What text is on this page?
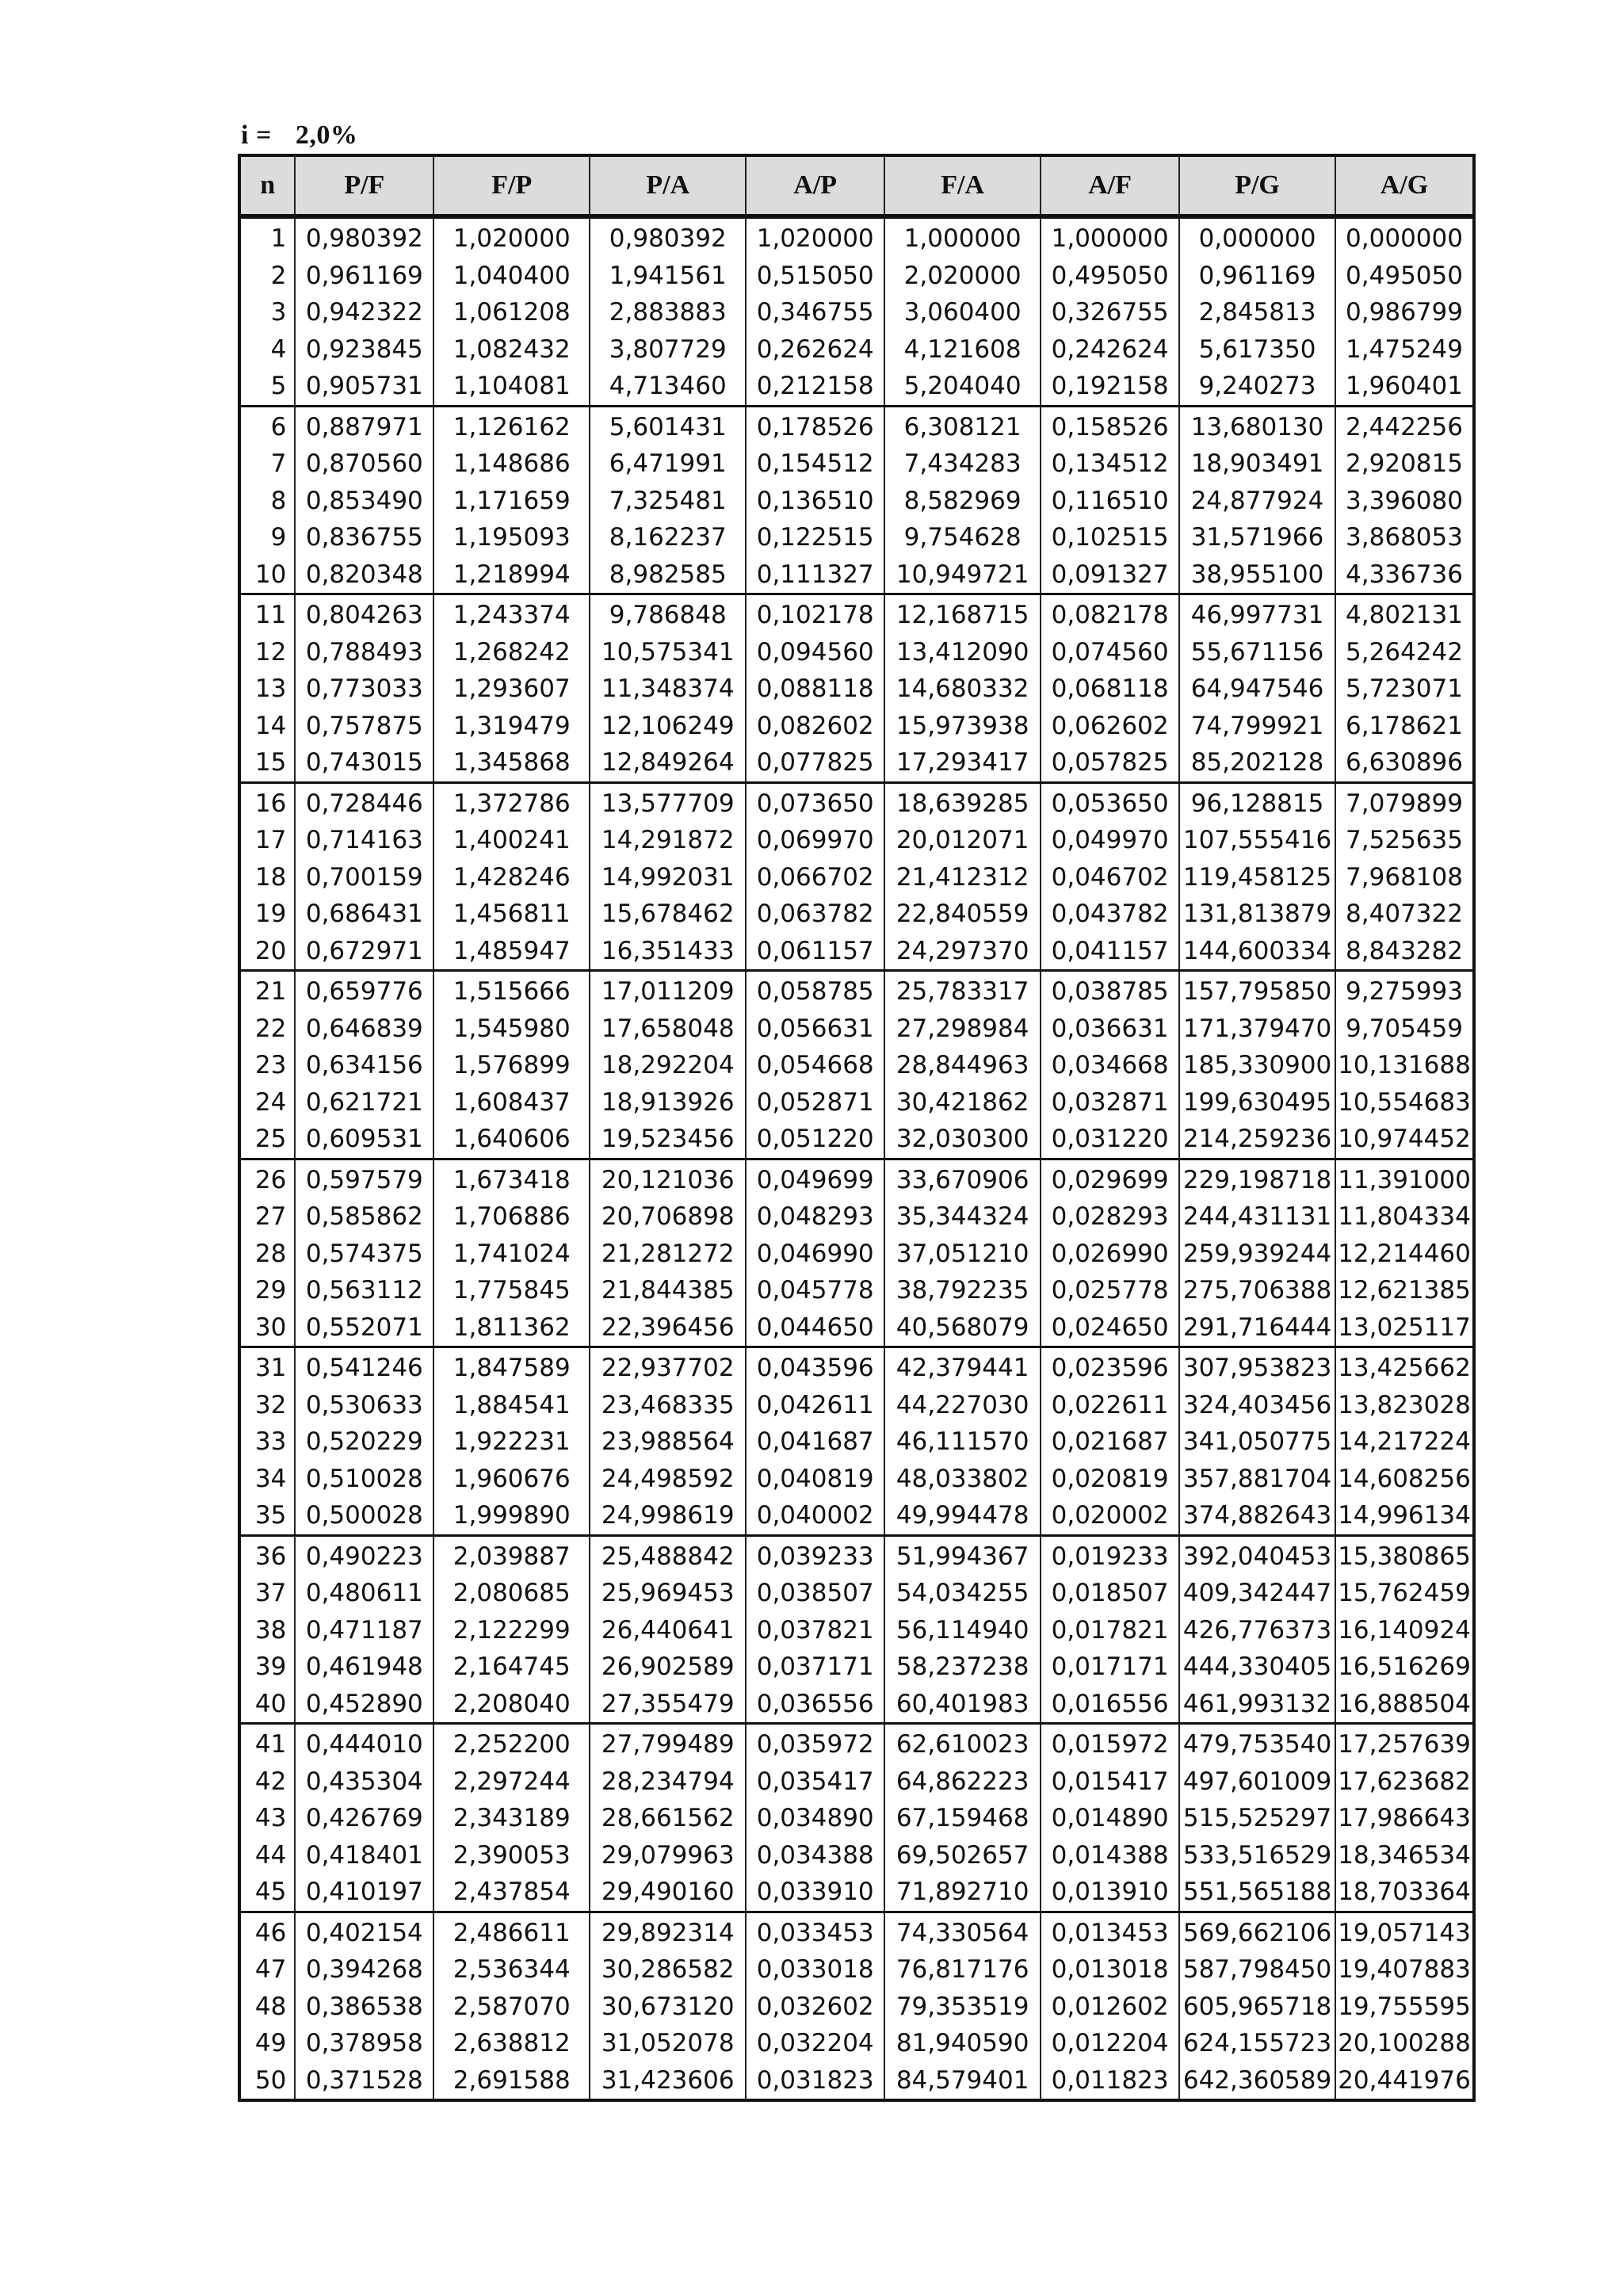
i = 2,0%
n	P/F	F/P	P/A	A/P	F/A	A/F	P/G	A/G
1	0,980392	1,020000	0,980392	1,020000	1,000000	1,000000	0,000000	0,000000
2	0,961169	1,040400	1,941561	0,515050	2,020000	0,495050	0,961169	0,495050
3	0,942322	1,061208	2,883883	0,346755	3,060400	0,326755	2,845813	0,986799
4	0,923845	1,082432	3,807729	0,262624	4,121608	0,242624	5,617350	1,475249
5	0,905731	1,104081	4,713460	0,212158	5,204040	0,192158	9,240273	1,960401
6	0,887971	1,126162	5,601431	0,178526	6,308121	0,158526	13,680130	2,442256
7	0,870560	1,148686	6,471991	0,154512	7,434283	0,134512	18,903491	2,920815
8	0,853490	1,171659	7,325481	0,136510	8,582969	0,116510	24,877924	3,396080
9	0,836755	1,195093	8,162237	0,122515	9,754628	0,102515	31,571966	3,868053
10	0,820348	1,218994	8,982585	0,111327	10,949721	0,091327	38,955100	4,336736
11	0,804263	1,243374	9,786848	0,102178	12,168715	0,082178	46,997731	4,802131
12	0,788493	1,268242	10,575341	0,094560	13,412090	0,074560	55,671156	5,264242
13	0,773033	1,293607	11,348374	0,088118	14,680332	0,068118	64,947546	5,723071
14	0,757875	1,319479	12,106249	0,082602	15,973938	0,062602	74,799921	6,178621
15	0,743015	1,345868	12,849264	0,077825	17,293417	0,057825	85,202128	6,630896
16	0,728446	1,372786	13,577709	0,073650	18,639285	0,053650	96,128815	7,079899
17	0,714163	1,400241	14,291872	0,069970	20,012071	0,049970	107,555416	7,525635
18	0,700159	1,428246	14,992031	0,066702	21,412312	0,046702	119,458125	7,968108
19	0,686431	1,456811	15,678462	0,063782	22,840559	0,043782	131,813879	8,407322
20	0,672971	1,485947	16,351433	0,061157	24,297370	0,041157	144,600334	8,843282
21	0,659776	1,515666	17,011209	0,058785	25,783317	0,038785	157,795850	9,275993
22	0,646839	1,545980	17,658048	0,056631	27,298984	0,036631	171,379470	9,705459
23	0,634156	1,576899	18,292204	0,054668	28,844963	0,034668	185,330900	10,131688
24	0,621721	1,608437	18,913926	0,052871	30,421862	0,032871	199,630495	10,554683
25	0,609531	1,640606	19,523456	0,051220	32,030300	0,031220	214,259236	10,974452
26	0,597579	1,673418	20,121036	0,049699	33,670906	0,029699	229,198718	11,391000
27	0,585862	1,706886	20,706898	0,048293	35,344324	0,028293	244,431131	11,804334
28	0,574375	1,741024	21,281272	0,046990	37,051210	0,026990	259,939244	12,214460
29	0,563112	1,775845	21,844385	0,045778	38,792235	0,025778	275,706388	12,621385
30	0,552071	1,811362	22,396456	0,044650	40,568079	0,024650	291,716444	13,025117
31	0,541246	1,847589	22,937702	0,043596	42,379441	0,023596	307,953823	13,425662
32	0,530633	1,884541	23,468335	0,042611	44,227030	0,022611	324,403456	13,823028
33	0,520229	1,922231	23,988564	0,041687	46,111570	0,021687	341,050775	14,217224
34	0,510028	1,960676	24,498592	0,040819	48,033802	0,020819	357,881704	14,608256
35	0,500028	1,999890	24,998619	0,040002	49,994478	0,020002	374,882643	14,996134
36	0,490223	2,039887	25,488842	0,039233	51,994367	0,019233	392,040453	15,380865
37	0,480611	2,080685	25,969453	0,038507	54,034255	0,018507	409,342447	15,762459
38	0,471187	2,122299	26,440641	0,037821	56,114940	0,017821	426,776373	16,140924
39	0,461948	2,164745	26,902589	0,037171	58,237238	0,017171	444,330405	16,516269
40	0,452890	2,208040	27,355479	0,036556	60,401983	0,016556	461,993132	16,888504
41	0,444010	2,252200	27,799489	0,035972	62,610023	0,015972	479,753540	17,257639
42	0,435304	2,297244	28,234794	0,035417	64,862223	0,015417	497,601009	17,623682
43	0,426769	2,343189	28,661562	0,034890	67,159468	0,014890	515,525297	17,986643
44	0,418401	2,390053	29,079963	0,034388	69,502657	0,014388	533,516529	18,346534
45	0,410197	2,437854	29,490160	0,033910	71,892710	0,013910	551,565188	18,703364
46	0,402154	2,486611	29,892314	0,033453	74,330564	0,013453	569,662106	19,057143
47	0,394268	2,536344	30,286582	0,033018	76,817176	0,013018	587,798450	19,407883
48	0,386538	2,587070	30,673120	0,032602	79,353519	0,012602	605,965718	19,755595
49	0,378958	2,638812	31,052078	0,032204	81,940590	0,012204	624,155723	20,100288
50	0,371528	2,691588	31,423606	0,031823	84,579401	0,011823	642,360589	20,441976
